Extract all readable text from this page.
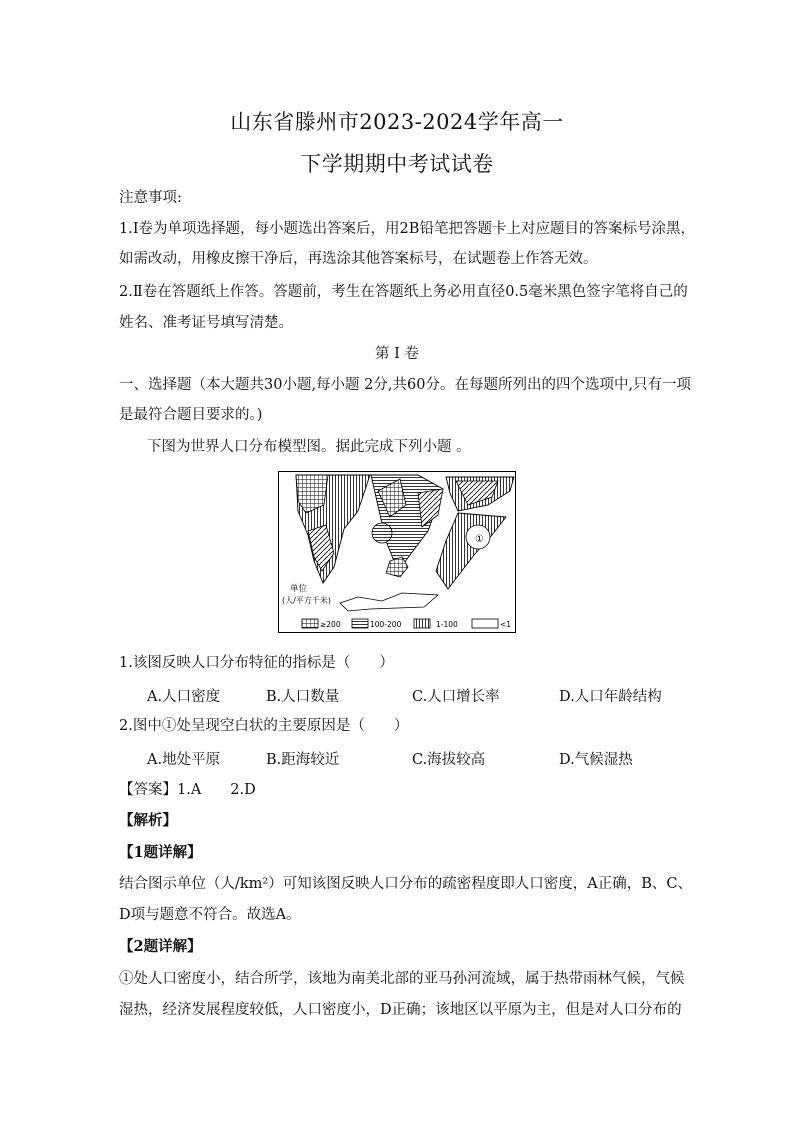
山东省滕州市2023-2024学年高一
下学期期中考试试卷
注意事项:
1.I卷为单项选择题，每小题选出答案后，用2B铅笔把答题卡上对应题目的答案标号涂黑，
如需改动，用橡皮擦干净后，再选涂其他答案标号，在试题卷上作答无效。
2.Ⅱ卷在答题纸上作答。答题前，考生在答题纸上务必用直径0.5毫米黑色签字笔将自己的
姓名、准考证号填写清楚。
第 I 卷
一、选择题（本大题共30小题,每小题 2分,共60分。在每题所列出的四个选项中,只有一项
是最符合题目要求的。)
下图为世界人口分布模型图。据此完成下列小题 。
①
单位
(人/平方千米)
≥200	100-200	1-100	<1
1.该图反映人口分布特征的指标是（　　）
A.人口密度	B.人口数量	C.人口增长率	D.人口年龄结构
2.图中①处呈现空白状的主要原因是（　　）
A.地处平原	B.距海较近	C.海拔较高	D.气候湿热
【答案】1.A　　2.D
【解析】
【1题详解】
结合图示单位（人/km²）可知该图反映人口分布的疏密程度即人口密度，A正确，B、C、
D项与题意不符合。故选A。
【2题详解】
①处人口密度小，结合所学，该地为南美北部的亚马孙河流域，属于热带雨林气候，气候
湿热，经济发展程度较低，人口密度小，D正确；该地区以平原为主，但是对人口分布的
